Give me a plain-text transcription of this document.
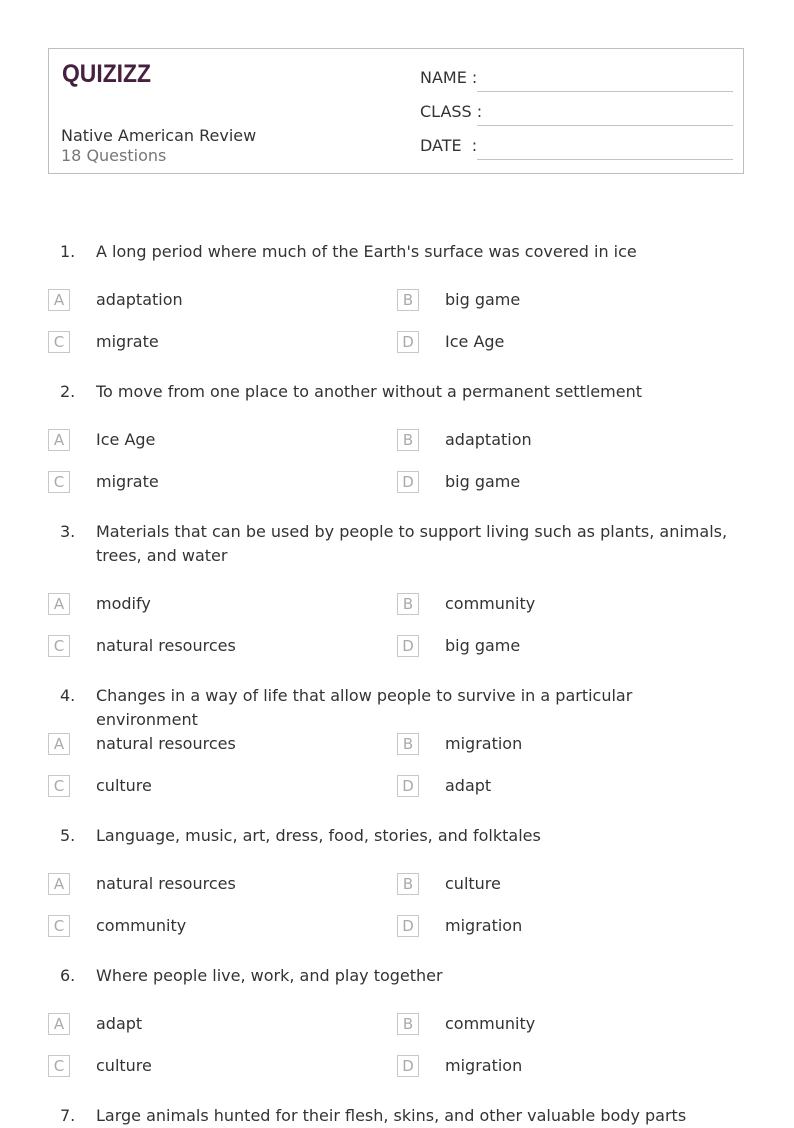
QUIZIZZ
Native American Review
18 Questions
NAME :
CLASS :
DATE  :
1. A long period where much of the Earth's surface was covered in ice
A	adaptation	B	big game
C	migrate	D	Ice Age
2. To move from one place to another without a permanent settlement
A	Ice Age	B	adaptation
C	migrate	D	big game
3. Materials that can be used by people to support living such as plants, animals, trees, and water
A	modify	B	community
C	natural resources	D	big game
4. Changes in a way of life that allow people to survive in a particular environment
A	natural resources	B	migration
C	culture	D	adapt
5. Language, music, art, dress, food, stories, and folktales
A	natural resources	B	culture
C	community	D	migration
6. Where people live, work, and play together
A	adapt	B	community
C	culture	D	migration
7. Large animals hunted for their flesh, skins, and other valuable body parts
